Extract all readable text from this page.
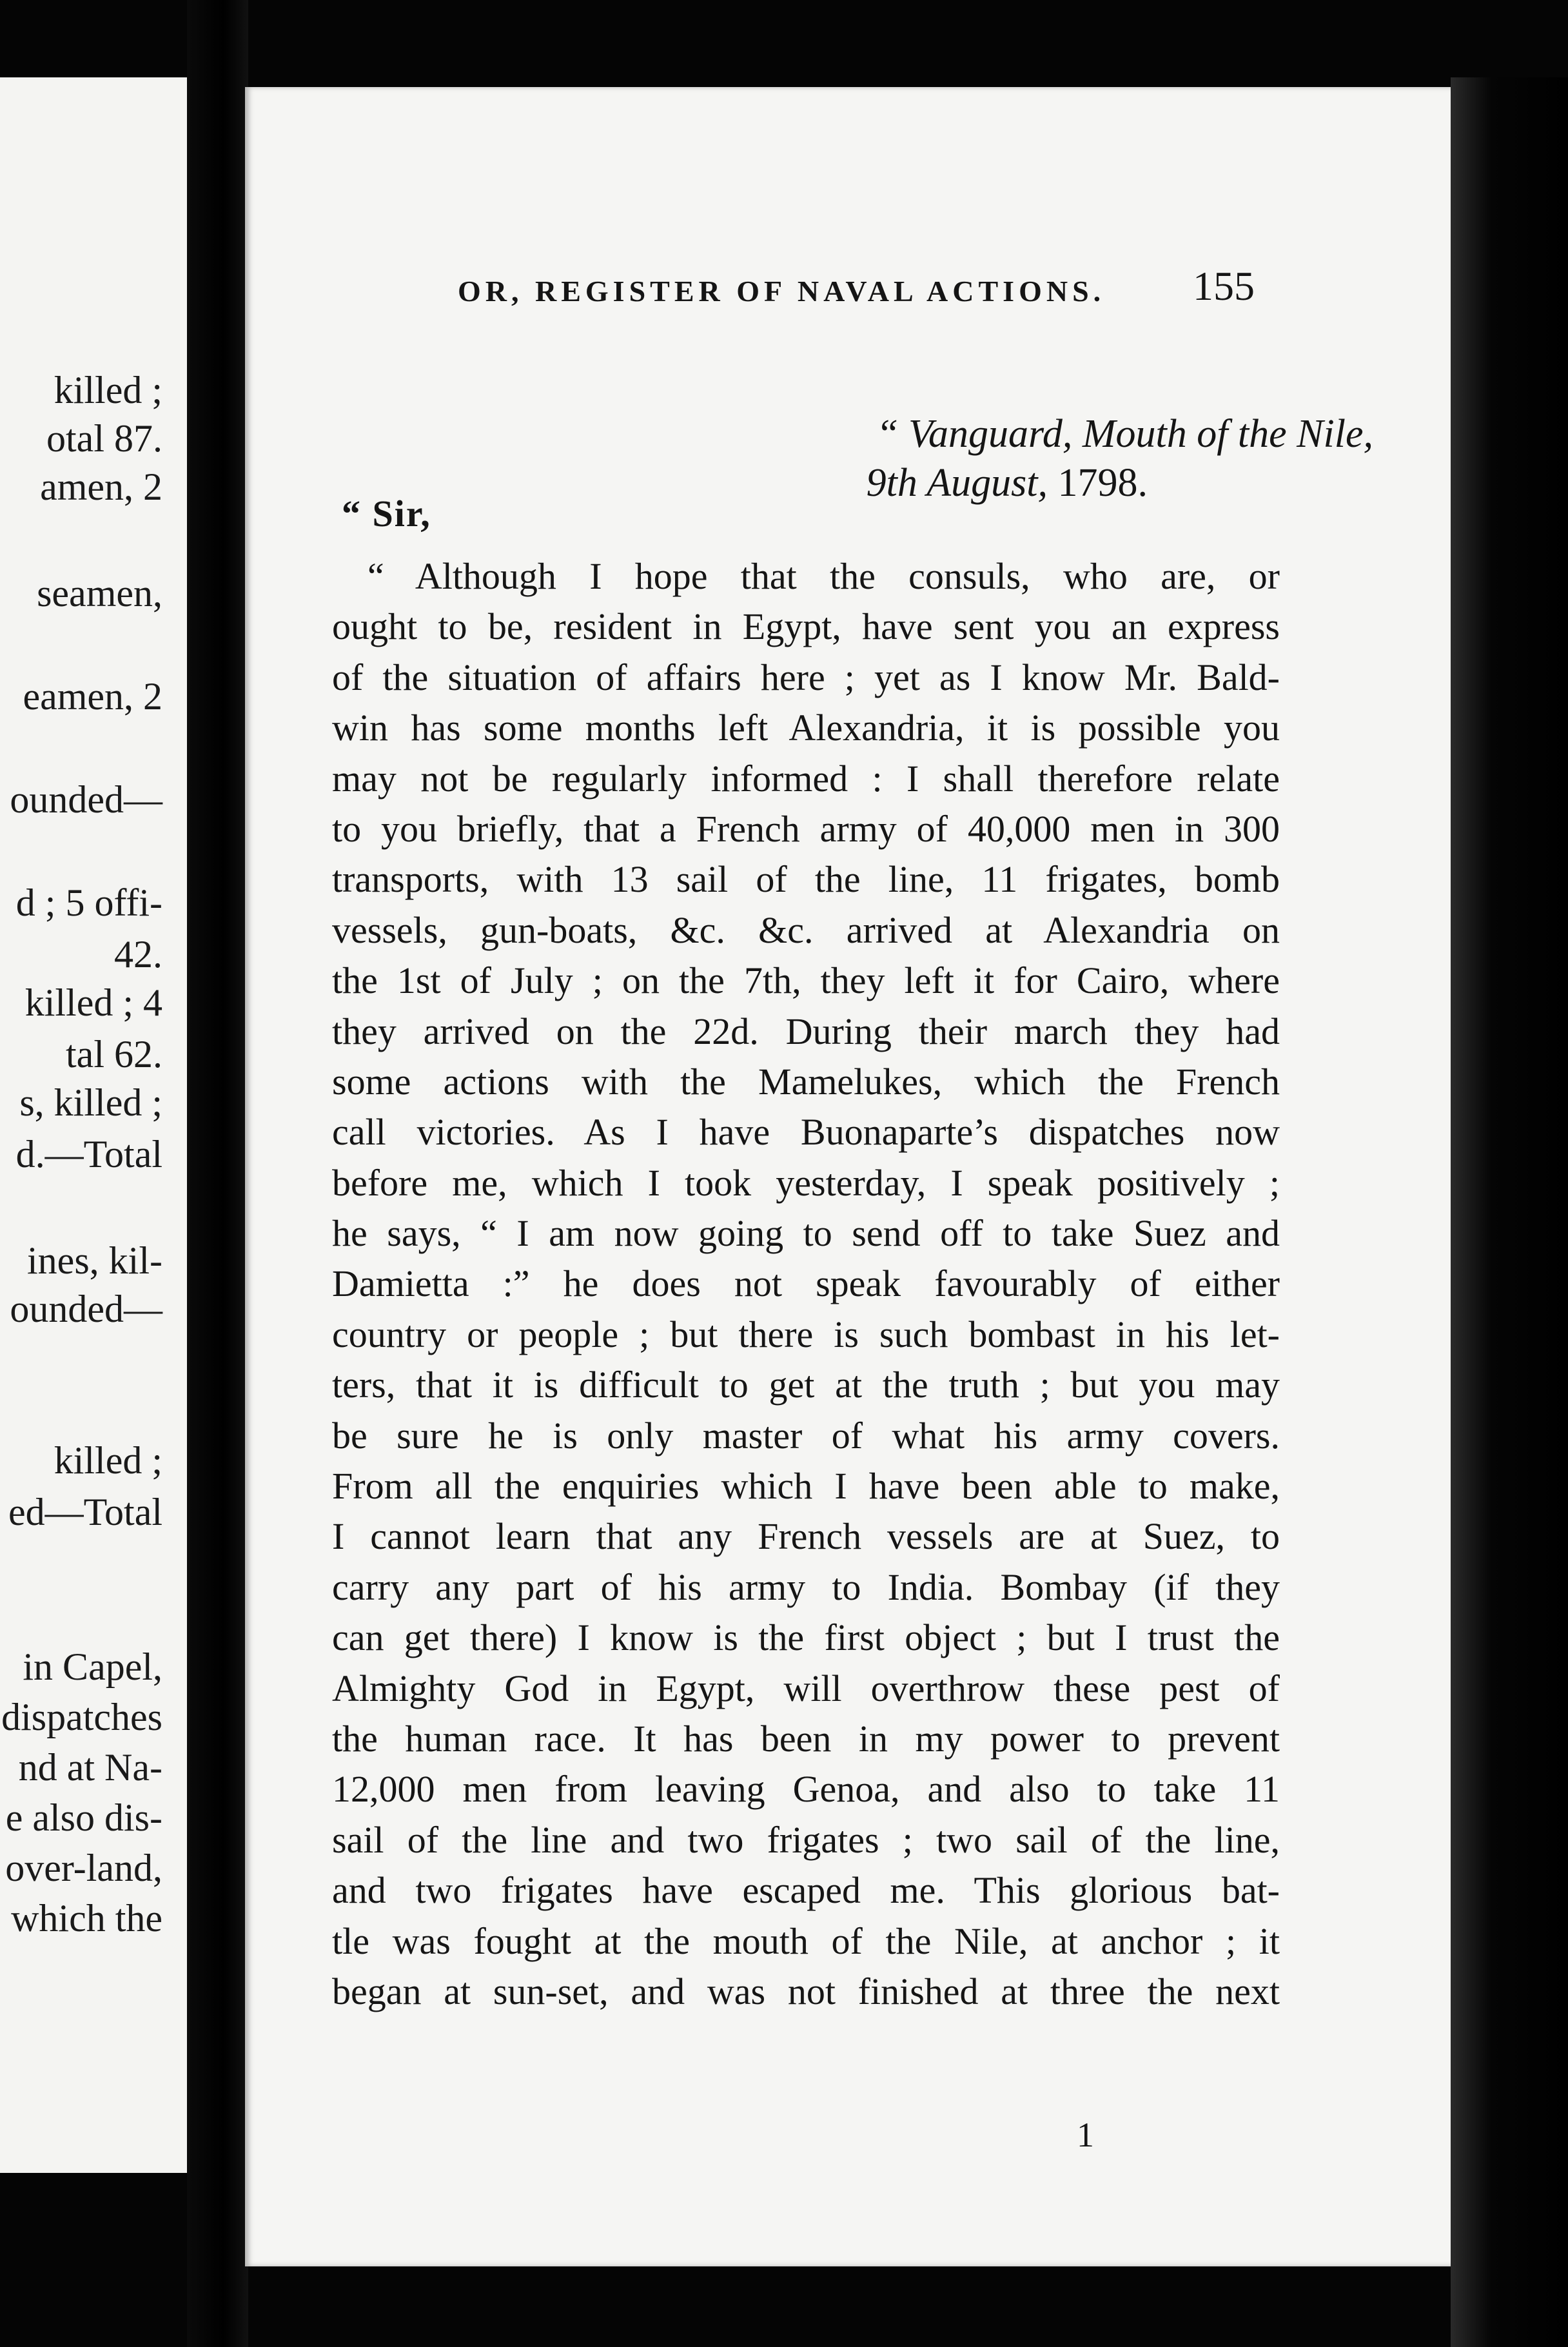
killed ;
otal 87.
amen, 2
seamen,
eamen, 2
ounded—
d ; 5 offi-
42.
killed ; 4
tal 62.
s, killed ;
d.—Total
ines, kil-
ounded—
killed ;
ed—Total
in Capel,
dispatches
nd at Na-
e also dis-
over-land,
which the
OR, REGISTER OF NAVAL ACTIONS.	155
“ Vanguard, Mouth of the Nile,
9th August, 1798.
“ Sir,
“ Although I hope that the consuls, who are, or
ought to be, resident in Egypt, have sent you an express
of the situation of affairs here ; yet as I know Mr. Bald-
win has some months left Alexandria, it is possible you
may not be regularly informed : I shall therefore relate
to you briefly, that a French army of 40,000 men in 300
transports, with 13 sail of the line, 11 frigates, bomb
vessels, gun-boats, &c. &c. arrived at Alexandria on
the 1st of July ; on the 7th, they left it for Cairo, where
they arrived on the 22d. During their march they had
some actions with the Mamelukes, which the French
call victories. As I have Buonaparte’s dispatches now
before me, which I took yesterday, I speak positively ;
he says, “ I am now going to send off to take Suez and
Damietta :” he does not speak favourably of either
country or people ; but there is such bombast in his let-
ters, that it is difficult to get at the truth ; but you may
be sure he is only master of what his army covers.
From all the enquiries which I have been able to make,
I cannot learn that any French vessels are at Suez, to
carry any part of his army to India. Bombay (if they
can get there) I know is the first object ; but I trust the
Almighty God in Egypt, will overthrow these pest of
the human race. It has been in my power to prevent
12,000 men from leaving Genoa, and also to take 11
sail of the line and two frigates ; two sail of the line,
and two frigates have escaped me. This glorious bat-
tle was fought at the mouth of the Nile, at anchor ; it
began at sun-set, and was not finished at three the next
1
